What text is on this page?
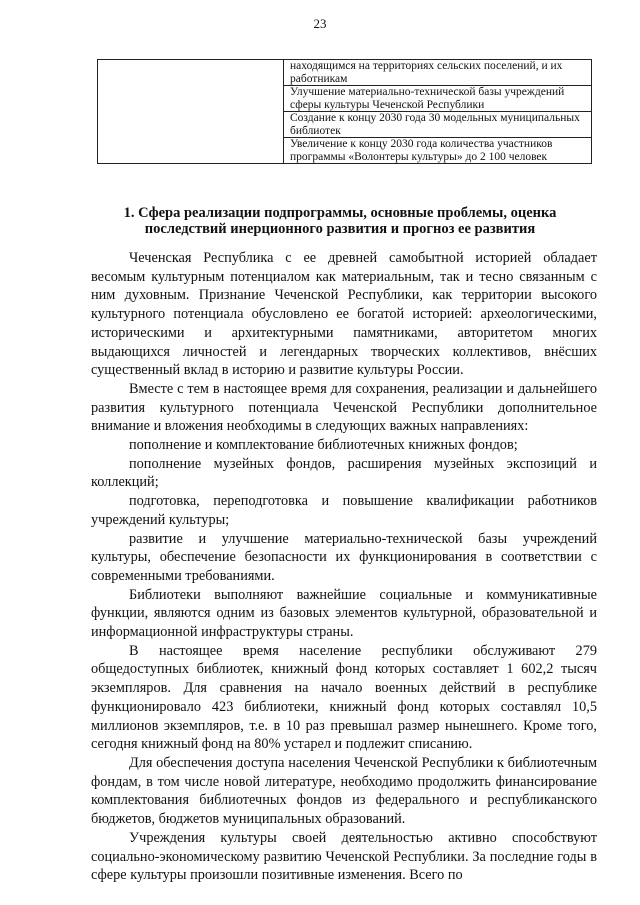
23
	находящимся на территориях сельских поселений, и их работникам
Улучшение материально-технической базы учреждений сферы культуры Чеченской Республики
Создание к концу 2030 года 30 модельных муниципальных библиотек
Увеличение к концу 2030 года количества участников программы «Волонтеры культуры» до 2 100 человек
1. Сфера реализации подпрограммы, основные проблемы, оценка последствий инерционного развития и прогноз ее развития

Чеченская Республика с ее древней самобытной историей обладает весомым культурным потенциалом как материальным, так и тесно связанным с ним духовным. Признание Чеченской Республики, как территории высокого культурного потенциала обусловлено ее богатой историей: археологическими, историческими и архитектурными памятниками, авторитетом многих выдающихся личностей и легендарных творческих коллективов, внёсших существенный вклад в историю и развитие культуры России.

Вместе с тем в настоящее время для сохранения, реализации и дальнейшего развития культурного потенциала Чеченской Республики дополнительное внимание и вложения необходимы в следующих важных направлениях:

пополнение и комплектование библиотечных книжных фондов;

пополнение музейных фондов, расширения музейных экспозиций и коллекций;

подготовка, переподготовка и повышение квалификации работников учреждений культуры;

развитие и улучшение материально-технической базы учреждений культуры, обеспечение безопасности их функционирования в соответствии с современными требованиями.

Библиотеки выполняют важнейшие социальные и коммуникативные функции, являются одним из базовых элементов культурной, образовательной и информационной инфраструктуры страны.

В настоящее время население республики обслуживают 279 общедоступных библиотек, книжный фонд которых составляет 1 602,2 тысяч экземпляров. Для сравнения на начало военных действий в республике функционировало 423 библиотеки, книжный фонд которых составлял 10,5 миллионов экземпляров, т.е. в 10 раз превышал размер нынешнего. Кроме того, сегодня книжный фонд на 80% устарел и подлежит списанию.

Для обеспечения доступа населения Чеченской Республики к библиотечным фондам, в том числе новой литературе, необходимо продолжить финансирование комплектования библиотечных фондов из федерального и республиканского бюджетов, бюджетов муниципальных образований.

Учреждения культуры своей деятельностью активно способствуют социально-экономическому развитию Чеченской Республики. За последние годы в сфере культуры произошли позитивные изменения. Всего по
